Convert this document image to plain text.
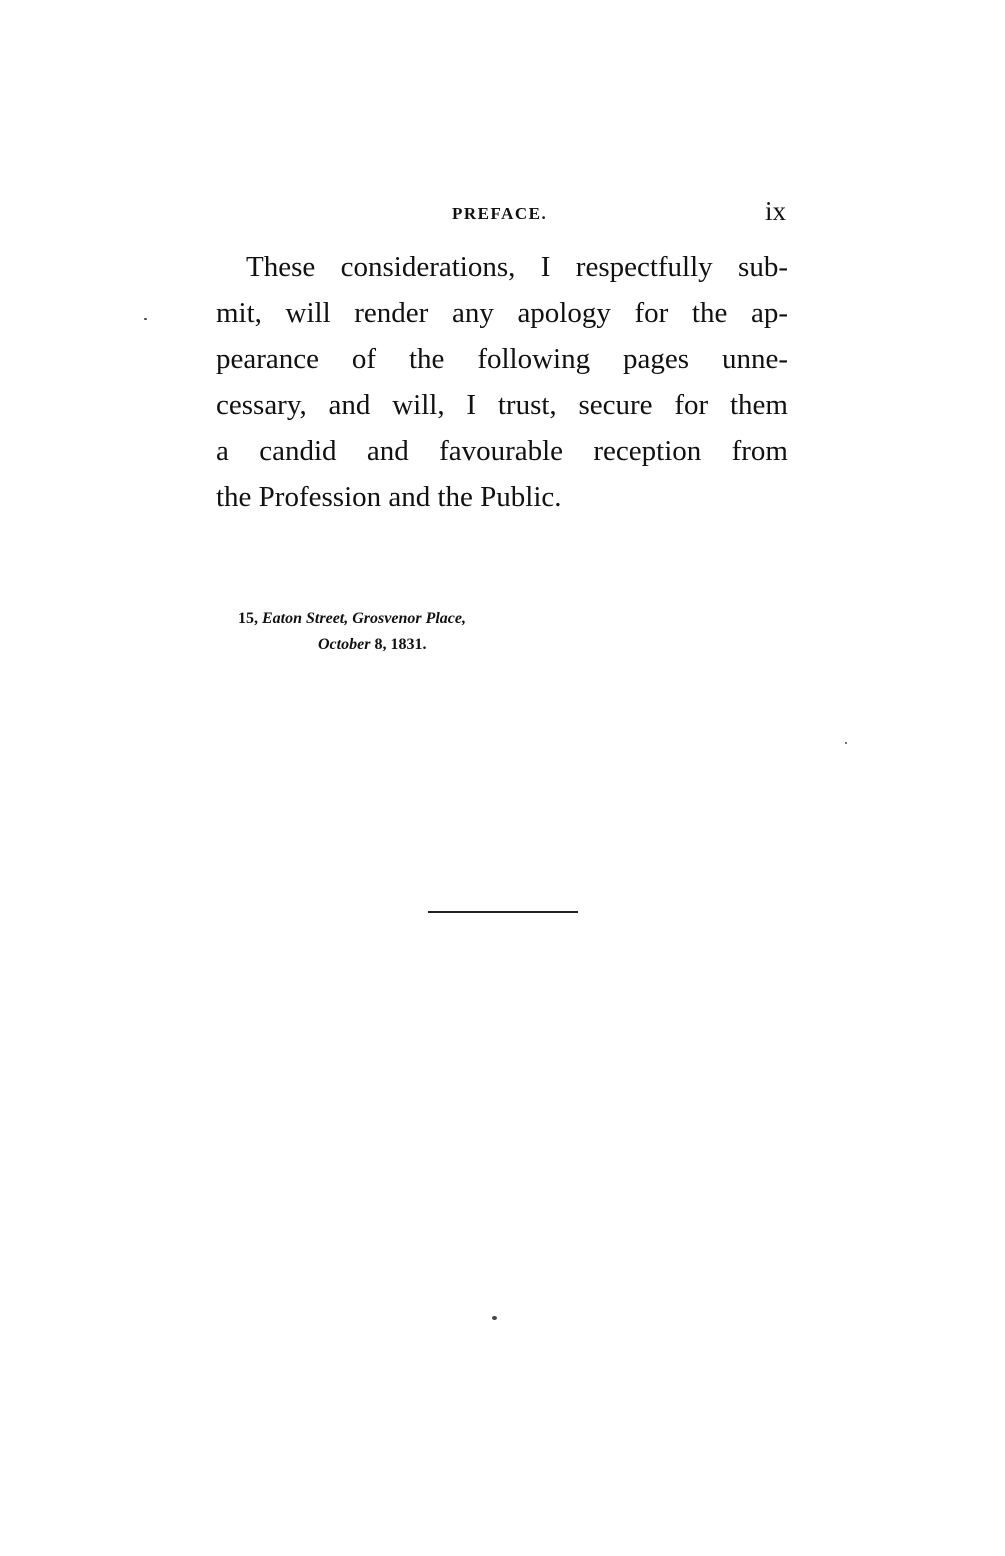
PREFACE.	ix
These considerations, I respectfully sub-
mit, will render any apology for the ap-
pearance of the following pages unne-
cessary, and will, I trust, secure for them
a candid and favourable reception from
the Profession and the Public.
15, Eaton Street, Grosvenor Place,
October 8, 1831.
